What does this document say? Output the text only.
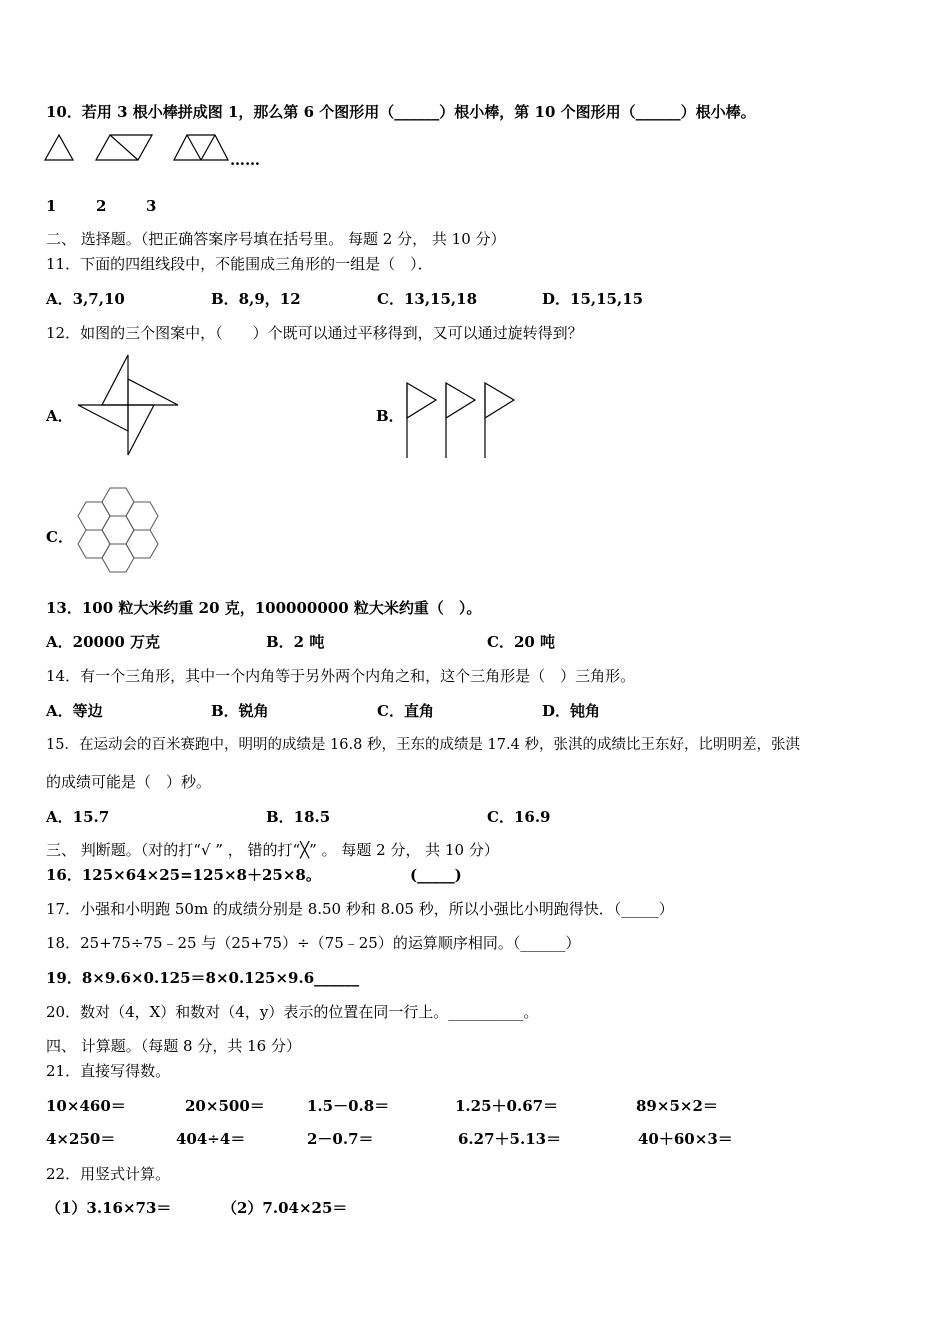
10．若用 3 根小棒拼成图 1，那么第 6 个图形用（______）根小棒，第 10 个图形用（______）根小棒。
……
1	2	3
二、 选择题。（把正确答案序号填在括号里。 每题 2 分， 共 10 分）
11．下面的四组线段中，不能围成三角形的一组是（　）．
A．3,7,10	B．8,9，12	C．13,15,18	D．15,15,15
12．如图的三个图案中，（　　）个既可以通过平移得到，又可以通过旋转得到？
A．	B．
C．
13．100 粒大米约重 20 克，100000000 粒大米约重（　）。
A．20000 万克	B．2 吨	C．20 吨
14．有一个三角形，其中一个内角等于另外两个内角之和，这个三角形是（　）三角形。
A．等边	B．锐角	C．直角	D．钝角
15．在运动会的百米赛跑中，明明的成绩是 16.8 秒，王东的成绩是 17.4 秒，张淇的成绩比王东好，比明明差，张淇
的成绩可能是（　）秒。
A．15.7	B．18.5	C．16.9
三、 判断题。（对的打“√ ” ， 错的打“╳” 。 每题 2 分， 共 10 分）
16．125×64×25=125×8＋25×8。	(_____)
17．小强和小明跑 50m 的成绩分别是 8.50 秒和 8.05 秒，所以小强比小明跑得快．（_____）
18．25+75÷75﹣25 与（25+75）÷（75﹣25）的运算顺序相同。（______）
19．8×9.6×0.125＝8×0.125×9.6______
20．数对（4，X）和数对（4，y）表示的位置在同一行上。__________。
四、 计算题。（每题 8 分，共 16 分）
21．直接写得数。
10×460＝	20×500＝	1.5－0.8＝	1.25＋0.67＝	89×5×2＝
4×250＝	404÷4＝	2－0.7＝	6.27＋5.13＝	40＋60×3＝
22．用竖式计算。
（1）3.16×73＝	（2）7.04×25＝
